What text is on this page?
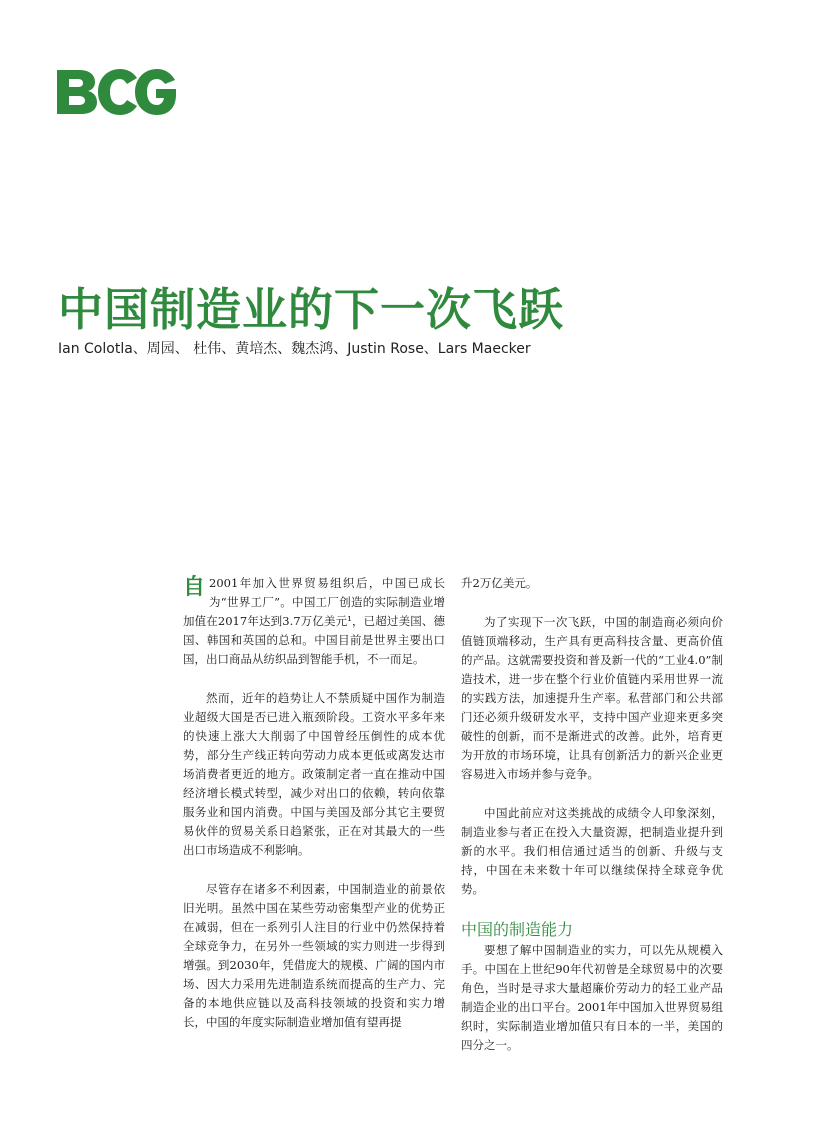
中国制造业的下一次飞跃

Ian Colotla、周园、 杜伟、黄培杰、魏杰鸿、Justin Rose、Lars Maecker

自 2001年加入世界贸易组织后，中国已成长为“世界工厂”。中国工厂创造的实际制造业增加值在2017年达到3.7万亿美元¹，已超过美国、德国、韩国和英国的总和。中国目前是世界主要出口国，出口商品从纺织品到智能手机，不一而足。

然而，近年的趋势让人不禁质疑中国作为制造业超级大国是否已进入瓶颈阶段。工资水平多年来的快速上涨大大削弱了中国曾经压倒性的成本优势，部分生产线正转向劳动力成本更低或离发达市场消费者更近的地方。政策制定者一直在推动中国经济增长模式转型，减少对出口的依赖，转向依靠服务业和国内消费。中国与美国及部分其它主要贸易伙伴的贸易关系日趋紧张，正在对其最大的一些出口市场造成不利影响。

尽管存在诸多不利因素，中国制造业的前景依旧光明。虽然中国在某些劳动密集型产业的优势正在减弱，但在一系列引人注目的行业中仍然保持着全球竞争力，在另外一些领域的实力则进一步得到增强。到2030年，凭借庞大的规模、广阔的国内市场、因大力采用先进制造系统而提高的生产力、完备的本地供应链以及高科技领域的投资和实力增长，中国的年度实际制造业增加值有望再提

升2万亿美元。

为了实现下一次飞跃，中国的制造商必须向价值链顶端移动，生产具有更高科技含量、更高价值的产品。这就需要投资和普及新一代的“工业4.0”制造技术，进一步在整个行业价值链内采用世界一流的实践方法，加速提升生产率。私营部门和公共部门还必须升级研发水平，支持中国产业迎来更多突破性的创新，而不是渐进式的改善。此外，培育更为开放的市场环境，让具有创新活力的新兴企业更容易进入市场并参与竞争。

中国此前应对这类挑战的成绩令人印象深刻，制造业参与者正在投入大量资源，把制造业提升到新的水平。我们相信通过适当的创新、升级与支持，中国在未来数十年可以继续保持全球竞争优势。

中国的制造能力

要想了解中国制造业的实力，可以先从规模入手。中国在上世纪90年代初曾是全球贸易中的次要角色，当时是寻求大量超廉价劳动力的轻工业产品制造企业的出口平台。2001年中国加入世界贸易组织时，实际制造业增加值只有日本的一半，美国的四分之一。
